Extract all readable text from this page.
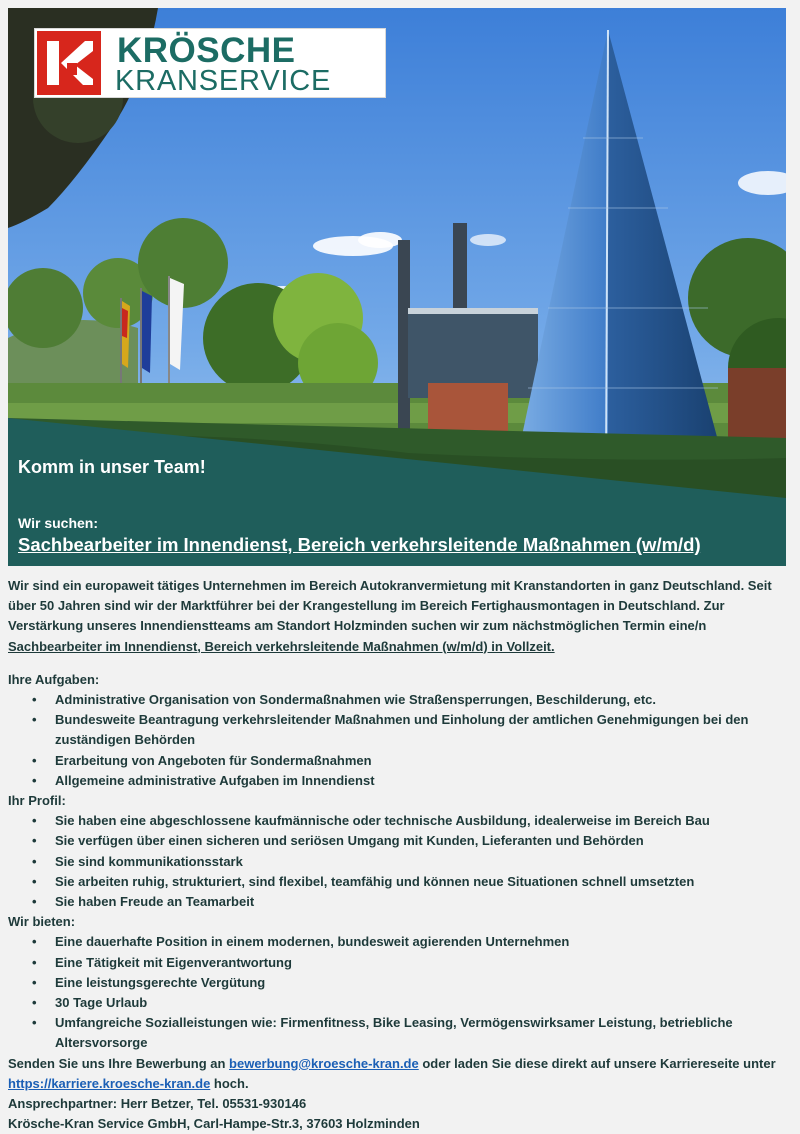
KRÖSCHE
KRANSERVICE
Komm in unser Team!
Wir suchen:
Sachbearbeiter im Innendienst, Bereich verkehrsleitende Maßnahmen (w/m/d)

Wir sind ein europaweit tätiges Unternehmen im Bereich Autokranvermietung mit Kranstandorten in ganz Deutschland. Seit über 50 Jahren sind wir der Marktführer bei der Krangestellung im Bereich Fertighausmontagen in Deutschland. Zur Verstärkung unseres Innendienstteams am Standort Holzminden suchen wir zum nächstmöglichen Termin eine/n Sachbearbeiter im Innendienst, Bereich verkehrsleitende Maßnahmen (w/m/d) in Vollzeit.

Ihre Aufgaben:

• Administrative Organisation von Sondermaßnahmen wie Straßensperrungen, Beschilderung, etc.
• Bundesweite Beantragung verkehrsleitender Maßnahmen und Einholung der amtlichen Genehmigungen bei den zuständigen Behörden
• Erarbeitung von Angeboten für Sondermaßnahmen
• Allgemeine administrative Aufgaben im Innendienst

Ihr Profil:

• Sie haben eine abgeschlossene kaufmännische oder technische Ausbildung, idealerweise im Bereich Bau
• Sie verfügen über einen sicheren und seriösen Umgang mit Kunden, Lieferanten und Behörden
• Sie sind kommunikationsstark
• Sie arbeiten ruhig, strukturiert, sind flexibel, teamfähig und können neue Situationen schnell umsetzten
• Sie haben Freude an Teamarbeit

Wir bieten:

• Eine dauerhafte Position in einem modernen, bundesweit agierenden Unternehmen
• Eine Tätigkeit mit Eigenverantwortung
• Eine leistungsgerechte Vergütung
• 30 Tage Urlaub
• Umfangreiche Sozialleistungen wie: Firmenfitness, Bike Leasing, Vermögenswirksamer Leistung, betriebliche Altersvorsorge

Senden Sie uns Ihre Bewerbung an bewerbung@kroesche-kran.de oder laden Sie diese direkt auf unsere Karriereseite unter https://karriere.kroesche-kran.de hoch.

Ansprechpartner: Herr Betzer, Tel. 05531-930146

Krösche-Kran Service GmbH, Carl-Hampe-Str.3, 37603 Holzminden
